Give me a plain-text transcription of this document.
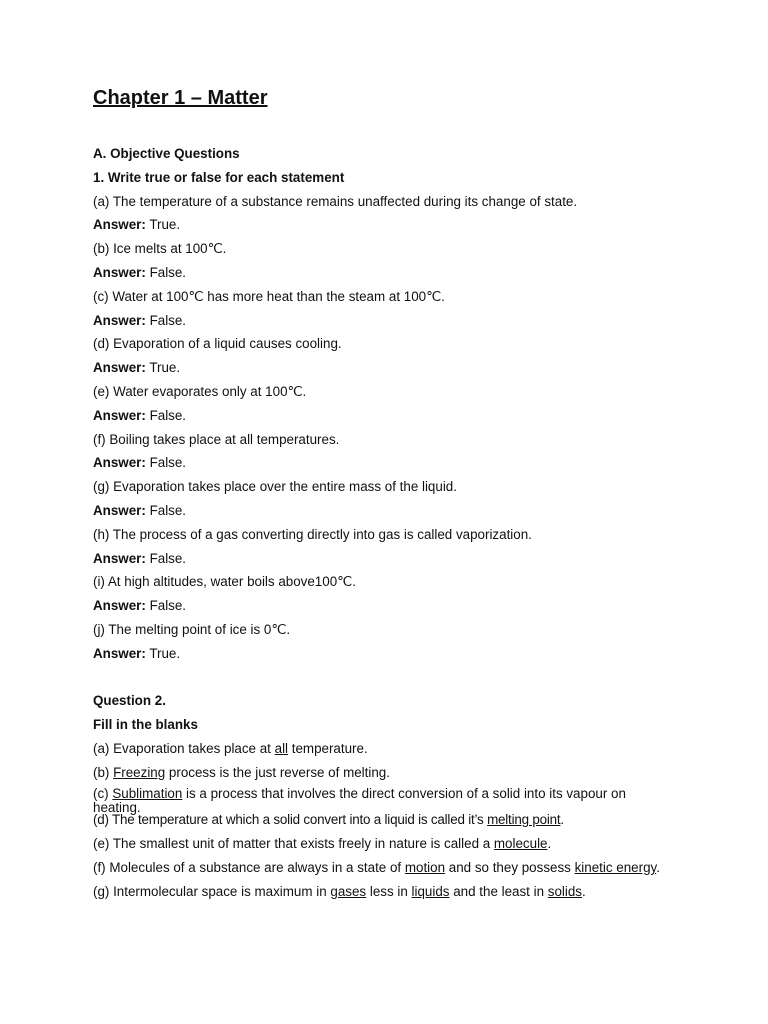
Chapter 1 – Matter
A. Objective Questions
1. Write true or false for each statement
(a) The temperature of a substance remains unaffected during its change of state.
Answer: True.
(b) Ice melts at 100℃.
Answer: False.
(c) Water at 100℃ has more heat than the steam at 100℃.
Answer: False.
(d) Evaporation of a liquid causes cooling.
Answer: True.
(e) Water evaporates only at 100℃.
Answer: False.
(f) Boiling takes place at all temperatures.
Answer: False.
(g) Evaporation takes place over the entire mass of the liquid.
Answer: False.
(h) The process of a gas converting directly into gas is called vaporization.
Answer: False.
(i) At high altitudes, water boils above100℃.
Answer: False.
(j) The melting point of ice is 0℃.
Answer: True.
Question 2.
Fill in the blanks
(a) Evaporation takes place at all temperature.
(b) Freezing process is the just reverse of melting.
(c) Sublimation is a process that involves the direct conversion of a solid into its vapour on heating.
(d) The temperature at which a solid convert into a liquid is called it’s melting point.
(e) The smallest unit of matter that exists freely in nature is called a molecule.
(f) Molecules of a substance are always in a state of motion and so they possess kinetic energy.
(g) Intermolecular space is maximum in gases less in liquids and the least in solids.
